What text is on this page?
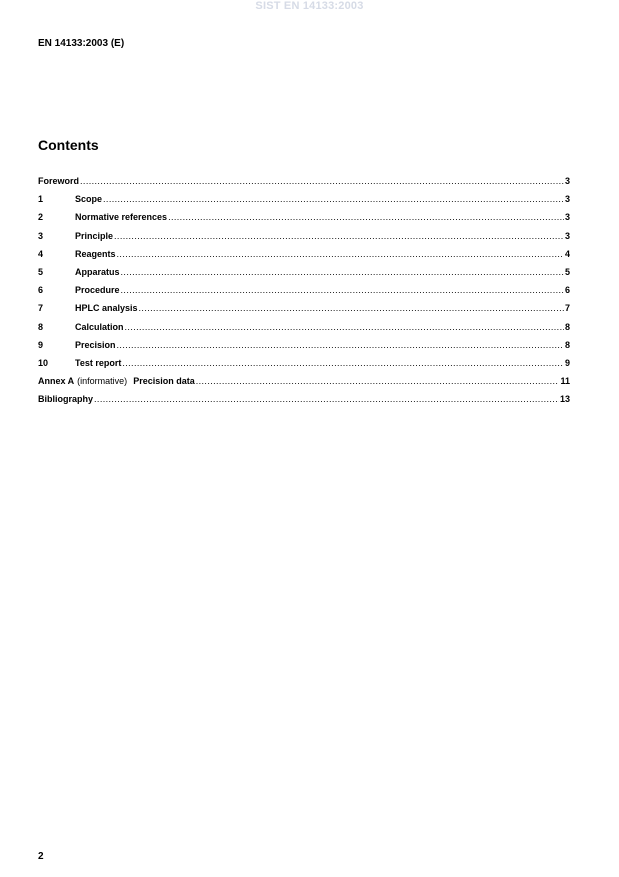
SIST EN 14133:2003
EN 14133:2003 (E)
Contents
Foreword .....	3
1	Scope .....	3
2	Normative references .....	3
3	Principle .....	3
4	Reagents .....	4
5	Apparatus .....	5
6	Procedure .....	6
7	HPLC analysis .....	7
8	Calculation .....	8
9	Precision .....	8
10	Test report .....	9
Annex A (informative) Precision data .....	11
Bibliography .....	13
2
